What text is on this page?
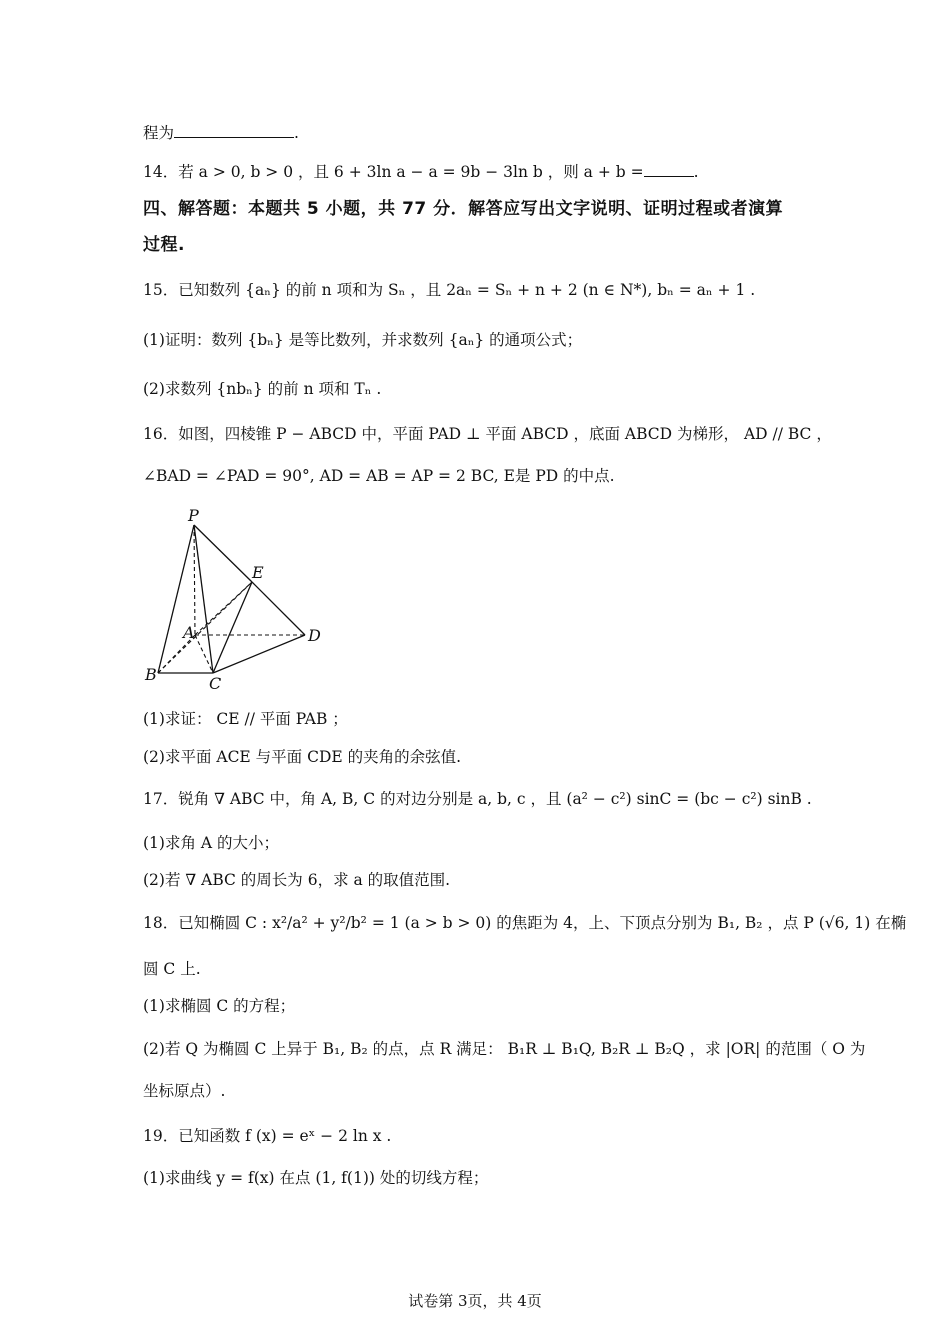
程为	.
14．若 a > 0, b > 0 ，且 6 + 3ln a − a = 9b − 3ln b ，则 a + b =	.
四、解答题：本题共 5 小题，共 77 分．解答应写出文字说明、证明过程或者演算
过程.
15．已知数列 {aₙ} 的前 n 项和为 Sₙ ，且 2aₙ = Sₙ + n + 2 (n ∈ N*), bₙ = aₙ + 1 .
(1)证明：数列 {bₙ} 是等比数列，并求数列 {aₙ} 的通项公式；
(2)求数列 {nbₙ} 的前 n 项和 Tₙ .
16．如图，四棱锥 P − ABCD 中，平面 PAD ⊥ 平面 ABCD ，底面 ABCD 为梯形， AD // BC ，
∠BAD = ∠PAD = 90°, AD = AB = AP = 2 BC, E是 PD 的中点.
P
E
A	D
B	C
(1)求证： CE // 平面 PAB ；
(2)求平面 ACE 与平面 CDE 的夹角的余弦值.
17．锐角 ∇ ABC 中，角 A, B, C 的对边分别是 a, b, c ，且 (a² − c²) sinC = (bc − c²) sinB .
(1)求角 A 的大小；
(2)若 ∇ ABC 的周长为 6，求 a 的取值范围.
18．已知椭圆 C : x²/a² + y²/b² = 1 (a > b > 0) 的焦距为 4，上、下顶点分别为 B₁, B₂ ，点 P (√6, 1) 在椭
圆 C 上.
(1)求椭圆 C 的方程；
(2)若 Q 为椭圆 C 上异于 B₁, B₂ 的点，点 R 满足： B₁R ⊥ B₁Q, B₂R ⊥ B₂Q ，求 |OR| 的范围（ O 为
坐标原点）.
19．已知函数 f (x) = eˣ − 2 ln x .
(1)求曲线 y = f(x) 在点 (1, f(1)) 处的切线方程；
试卷第 3页，共 4页
